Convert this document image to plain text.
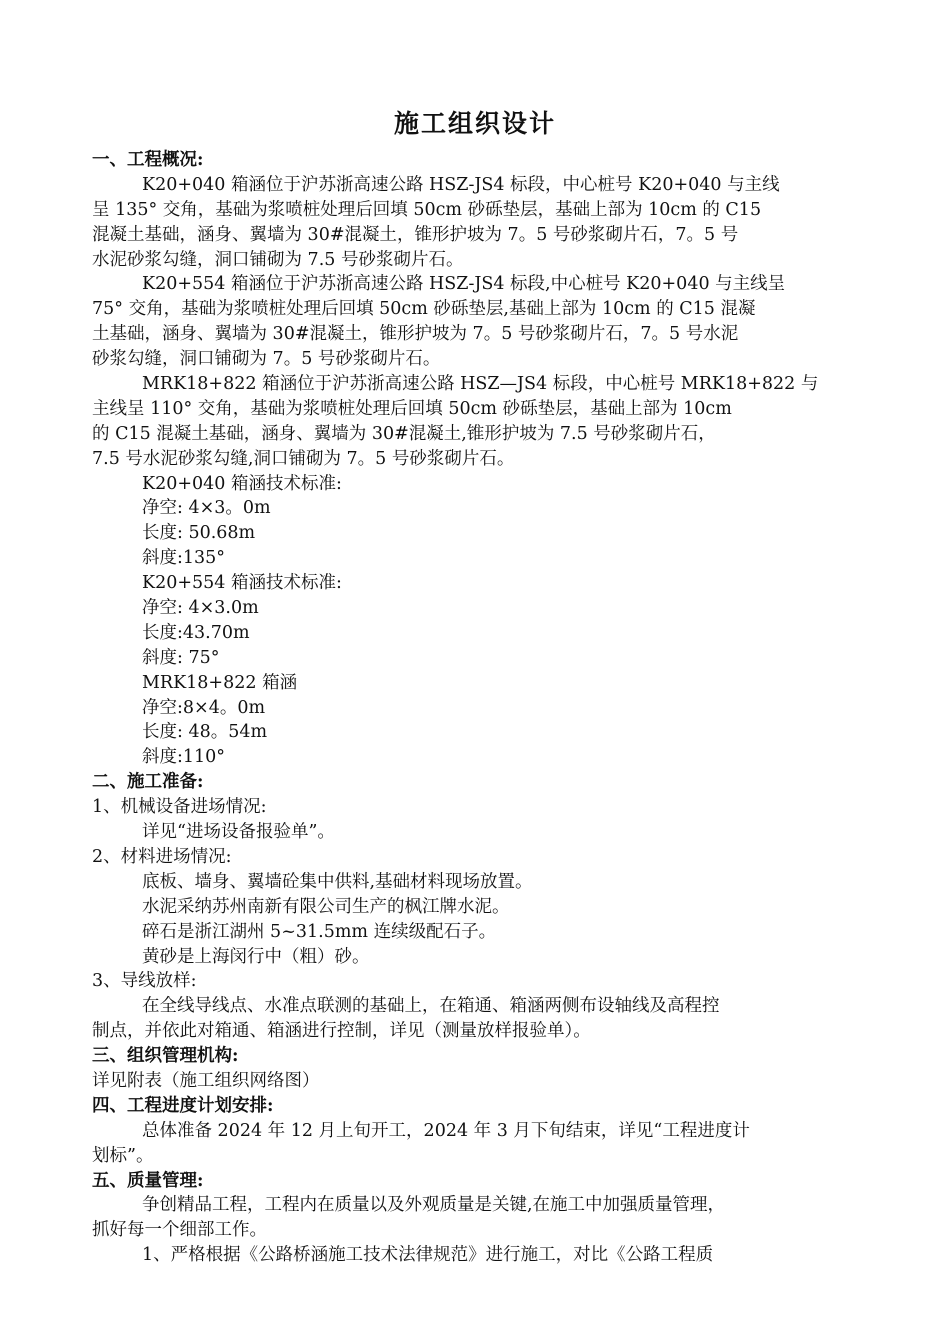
施工组织设计
一、工程概况:
K20+040 箱涵位于沪苏浙高速公路 HSZ-JS4 标段，中心桩号 K20+040 与主线
呈 135° 交角，基础为浆喷桩处理后回填 50cm 砂砾垫层，基础上部为 10cm 的 C15
混凝土基础，涵身、翼墙为 30#混凝土，锥形护坡为 7。5 号砂浆砌片石，7。5 号
水泥砂浆勾缝，洞口铺砌为 7.5 号砂浆砌片石。
K20+554 箱涵位于沪苏浙高速公路 HSZ-JS4 标段,中心桩号 K20+040 与主线呈
75° 交角，基础为浆喷桩处理后回填 50cm 砂砾垫层,基础上部为 10cm 的 C15 混凝
土基础，涵身、翼墙为 30#混凝土，锥形护坡为 7。5 号砂浆砌片石，7。5 号水泥
砂浆勾缝，洞口铺砌为 7。5 号砂浆砌片石。
MRK18+822 箱涵位于沪苏浙高速公路 HSZ—JS4 标段，中心桩号 MRK18+822 与
主线呈 110° 交角，基础为浆喷桩处理后回填 50cm 砂砾垫层，基础上部为 10cm
的 C15 混凝土基础，涵身、翼墙为 30#混凝土,锥形护坡为 7.5 号砂浆砌片石，
7.5 号水泥砂浆勾缝,洞口铺砌为 7。5 号砂浆砌片石。
K20+040 箱涵技术标准:
净空: 4×3。0m
长度: 50.68m
斜度:135°
K20+554 箱涵技术标准:
净空: 4×3.0m
长度:43.70m
斜度: 75°
MRK18+822 箱涵
净空:8×4。0m
长度: 48。54m
斜度:110°
二、施工准备:
1、机械设备进场情况:
详见“进场设备报验单”。
2、材料进场情况:
底板、墙身、翼墙砼集中供料,基础材料现场放置。
水泥采纳苏州南新有限公司生产的枫江牌水泥。
碎石是浙江湖州 5~31.5mm 连续级配石子。
黄砂是上海闵行中（粗）砂。
3、导线放样:
在全线导线点、水准点联测的基础上，在箱通、箱涵两侧布设轴线及高程控
制点，并依此对箱通、箱涵进行控制，详见（测量放样报验单）。
三、组织管理机构:
详见附表（施工组织网络图）
四、工程进度计划安排:
总体准备 2024 年 12 月上旬开工，2024 年 3 月下旬结束，详见“工程进度计
划标”。
五、质量管理:
争创精品工程，工程内在质量以及外观质量是关键,在施工中加强质量管理，
抓好每一个细部工作。
1、严格根据《公路桥涵施工技术法律规范》进行施工，对比《公路工程质
